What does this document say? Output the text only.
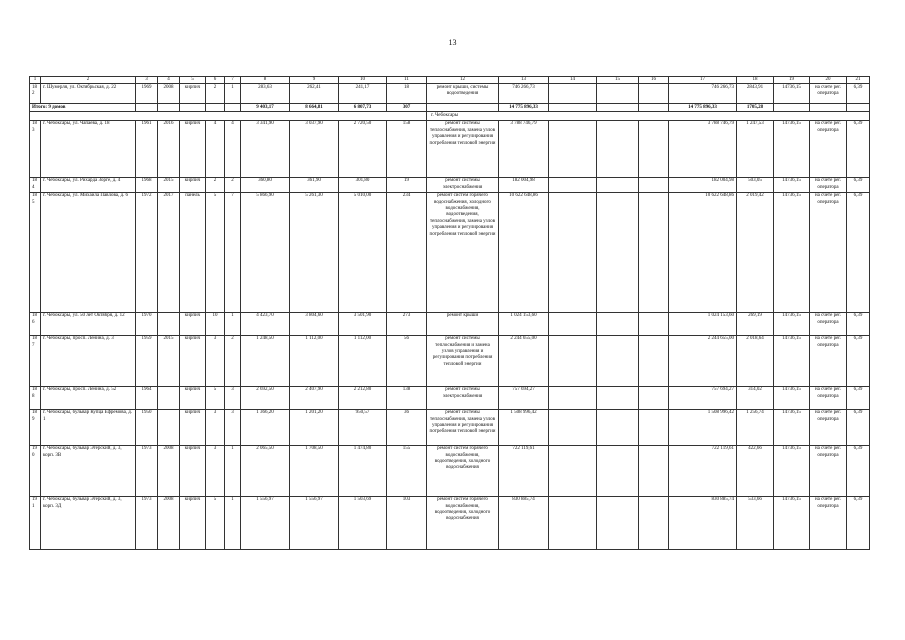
13
1	2	3	4	5	6	7	8	9	10	11	12	13	14	15	16	17	18	19	20	21
182	г. Шумерля, ул. Октябрьская, д. 22	1969	2008	кирпич	2	1	283,63	262,41	241,17	18	ремонт крыши, системы водоотведения	746 266,73				746 266,73	2843,91	14736,15	на счете рег. оператора	6,39
Итого: 9 домов							9 403,17	8 664,81	6 807,73	307		14 775 896,33				14 775 896,33	1705,28			
											г. Чебоксары									
183	г. Чебоксары, ул. Чапаева, д. 18	1961	2016	кирпич	4	4	3 341,90	3 037,90	2 720,50	158	ремонт системы теплоснабжения, замена узлов управления и регулирования потребления тепловой энергии	3 788 746,79				3 788 746,79	1 247,53	14736,15	на счете рег. оператора	6,39
184	г. Чебоксары, ул. Рихарда Зорге, д. 4	1968	2015	кирпич	2	2	360,80	361,90	301,80	19	ремонт системы электроснабжения	182 004,98				182 004,98	503,05	14736,15	на счете рег. оператора	6,39
185	г. Чебоксары, ул. Михаила Павлова, д. 6	1972	2017	панель	5	7	5 866,90	5 261,30	5 010,00	234	ремонт систем горячего водоснабжения, холодного водоснабжения, водоотведения, теплоснабжения, замена узлов управления и регулирования потребления тепловой энергии	10 622 648,86				10 622 648,86	2 019,42	14736,15	на счете рег. оператора	6,39
186	г. Чебоксары, ул. 50 лет Октября, д. 12	1970		кирпич	10	1	4 423,70	3 804,60	3 501,90	273	ремонт крыши	1 024 153,60				1 024 153,60	269,19	14736,15	на счете рег. оператора	6,39
187	г. Чебоксары, просп. Ленина, д. 3	1959	2015	кирпич	3	2	1 248,50	1 112,00	1 112,00	56	ремонт системы теплоснабжения и замена узлов управления и регулирования потребления тепловой энергии	2 244 655,00				2 244 655,00	2 018,64	14736,15	на счете рег. оператора	6,39
188	г. Чебоксары, просп. Ленина, д. 52	1964		кирпич	5	3	2 692,50	2 407,90	2 212,80	138	ремонт системы электроснабжения	757 694,27				757 694,27	314,02	14736,15	на счете рег. оператора	6,39
189	г. Чебоксары, бульвар Купца Ефремова, д. 1	1950		кирпич	3	3	1 366,20	1 201,20	950,57	36	ремонт системы теплоснабжения, замена узлов управления и регулирования потребления тепловой энергии	1 508 996,42				1 508 996,42	1 256,74	14736,15	на счете рег. оператора	6,39
190	г. Чебоксары, бульвар Эгерский, д. 3, корп. 3В	1973	2008	кирпич	3	1	2 065,50	1 708,50	1 474,80	155	ремонт систем горячего водоснабжения, водоотведения, холодного водоснабжения	722 119,61				722 119,61	422,66	14736,15	на счете рег. оператора	6,39
191	г. Чебоксары, бульвар Эгерский, д. 3, корп. 3Д	1973	2008	кирпич	5	1	1 556,97	1 556,97	1 503,69	103	ремонт систем горячего водоснабжения, водоотведения, холодного водоснабжения	830 885,74				830 885,74	533,66	14736,15	на счете рег. оператора	6,39
